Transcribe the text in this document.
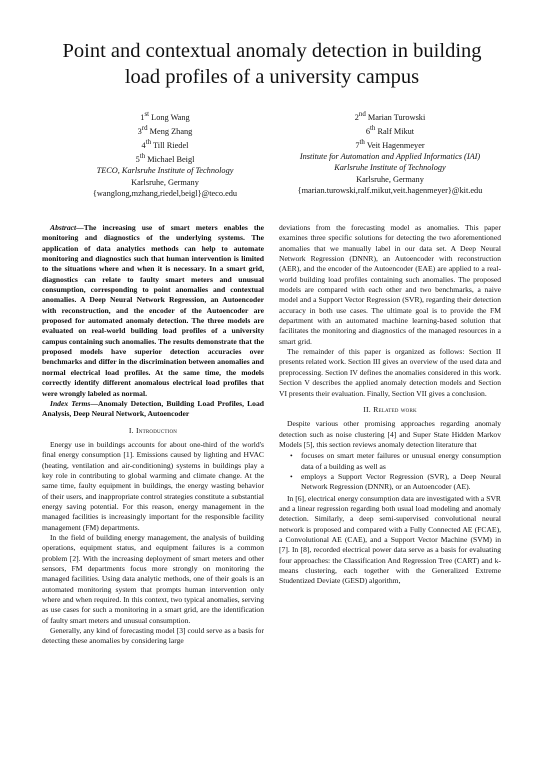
Point and contextual anomaly detection in building
load profiles of a university campus
1st Long Wang
3rd Meng Zhang
4th Till Riedel
5th Michael Beigl
TECO, Karlsruhe Institute of Technology
Karlsruhe, Germany
{wanglong,mzhang,riedel,beigl}@teco.edu
2nd Marian Turowski
6th Ralf Mikut
7th Veit Hagenmeyer
Institute for Automation and Applied Informatics (IAI)
Karlsruhe Institute of Technology
Karlsruhe, Germany
{marian.turowski,ralf.mikut,veit.hagenmeyer}@kit.edu

Abstract—The increasing use of smart meters enables the monitoring and diagnostics of the underlying systems. The application of data analytics methods can help to automate monitoring and diagnostics such that human intervention is limited to the situations where and when it is necessary. In a smart grid, diagnostics can relate to faulty smart meters and unusual consumption, corresponding to point anomalies and contextual anomalies. A Deep Neural Network Regression, an Autoencoder with reconstruction, and the encoder of the Autoencoder are proposed for automated anomaly detection. The three models are evaluated on real-world building load profiles of a university campus containing such anomalies. The results demonstrate that the proposed models have superior detection accuracies over benchmarks and differ in the discrimination between anomalies and normal electrical load profiles. At the same time, the models correctly identify different anomalous electrical load profiles that were wrongly labeled as normal.

Index Terms—Anomaly Detection, Building Load Profiles, Load Analysis, Deep Neural Network, Autoencoder

I. Introduction

Energy use in buildings accounts for about one-third of the world's final energy consumption [1]. Emissions caused by lighting and HVAC (heating, ventilation and air-conditioning) systems in buildings play a key role in contributing to global warming and climate change. At the same time, faulty equipment in buildings, the energy wasting behavior of their users, and inappropriate control strategies constitute a substantial energy saving potential. For this reason, energy management in the managed facilities is increasingly important for the responsible facility management (FM) departments.

In the field of building energy management, the analysis of building operations, equipment status, and equipment failures is a common problem [2]. With the increasing deployment of smart meters and other sensors, FM departments focus more strongly on monitoring the managed facilities. Using data analytic methods, one of their goals is an automated monitoring system that prompts human intervention only where and when required. In this context, two typical anomalies, serving as use cases for such a monitoring in a smart grid, are the identification of faulty smart meters and unusual consumption.

Generally, any kind of forecasting model [3] could serve as a basis for detecting these anomalies by considering large

deviations from the forecasting model as anomalies. This paper examines three specific solutions for detecting the two aforementioned anomalies that we manually label in our data set. A Deep Neural Network Regression (DNNR), an Autoencoder with reconstruction (AER), and the encoder of the Autoencoder (EAE) are applied to a real-world building load profiles containing such anomalies. The proposed models are compared with each other and two benchmarks, a naive model and a Support Vector Regression (SVR), regarding their detection accuracy in both use cases. The ultimate goal is to provide the FM department with an automated machine learning-based solution that facilitates the monitoring and diagnostics of the managed resources in a smart grid.

The remainder of this paper is organized as follows: Section II presents related work. Section III gives an overview of the used data and preprocessing. Section IV defines the anomalies considered in this work. Section V describes the applied anomaly detection models and Section VI presents their evaluation. Finally, Section VII gives a conclusion.

II. Related work

Despite various other promising approaches regarding anomaly detection such as noise clustering [4] and Super State Hidden Markov Models [5], this section reviews anomaly detection literature that

• focuses on smart meter failures or unusual energy consumption data of a building as well as
• employs a Support Vector Regression (SVR), a Deep Neural Network Regression (DNNR), or an Autoencoder (AE).

In [6], electrical energy consumption data are investigated with a SVR and a linear regression regarding both usual load modeling and anomaly detection. Similarly, a deep semi-supervised convolutional neural network is proposed and compared with a Fully Connected AE (FCAE), a Convolutional AE (CAE), and a Support Vector Machine (SVM) in [7]. In [8], recorded electrical power data serve as a basis for evaluating four approaches: the Classification And Regression Tree (CART) and k-means clustering, each together with the Generalized Extreme Studentized Deviate (GESD) algorithm,
